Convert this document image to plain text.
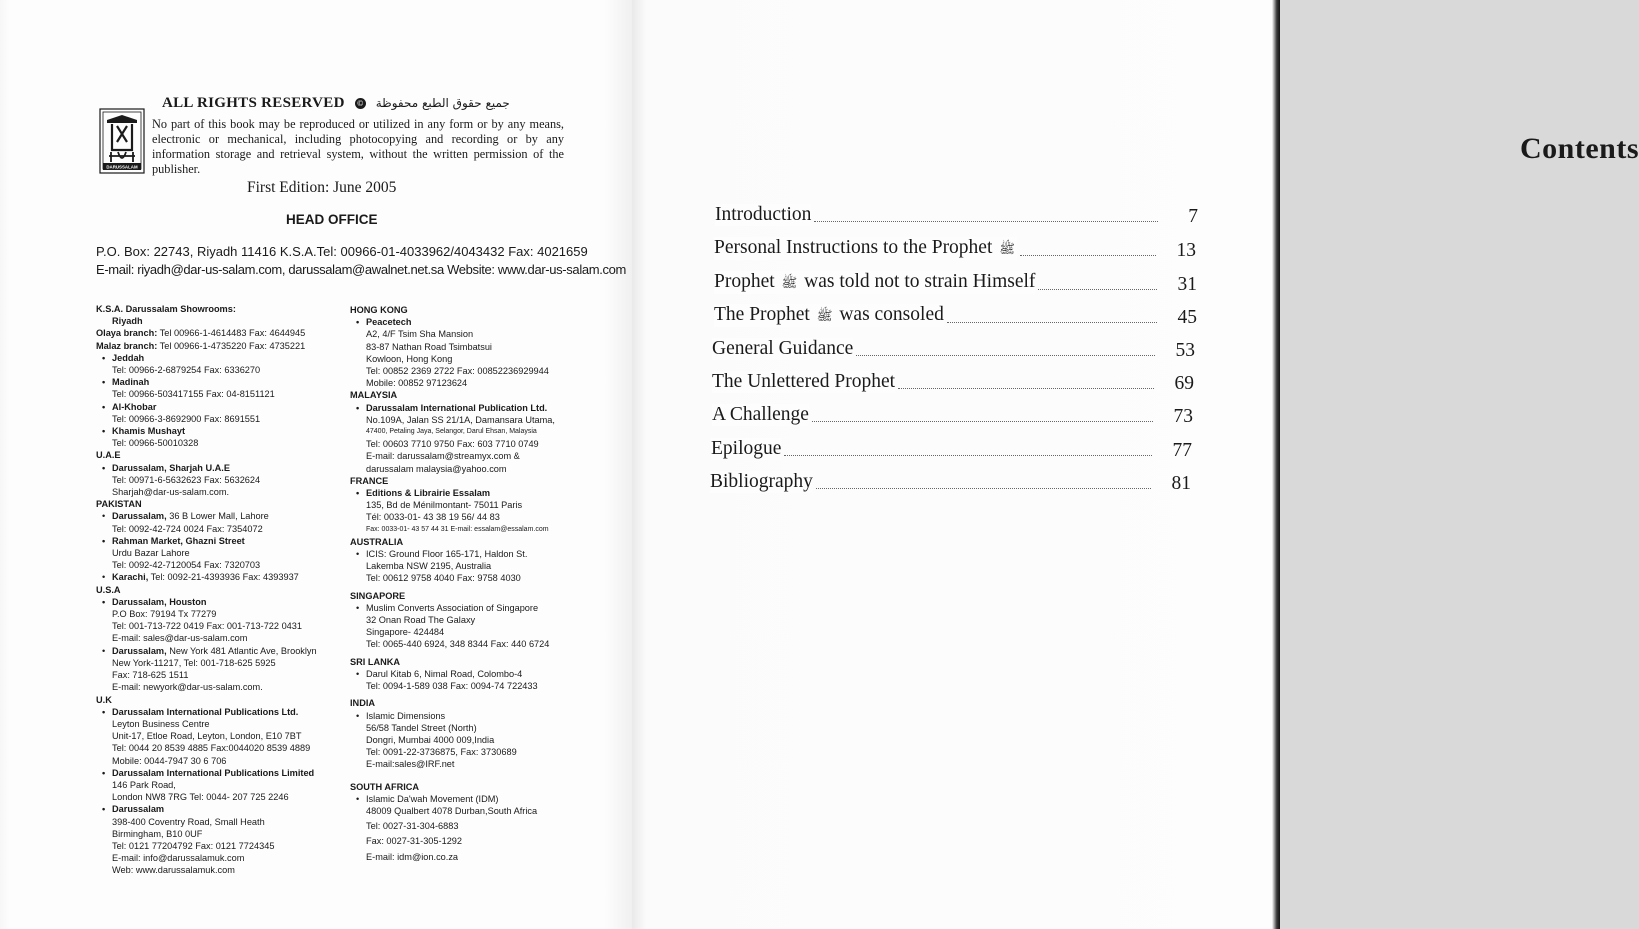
ALL RIGHTS RESERVED © جميع حقوق الطبع محفوظة
DARUSSALAM
No part of this book may be reproduced or utilized in any form or by any means, electronic or mechanical, including photocopying and recording or by any information storage and retrieval system, without the written permission of the publisher.
First Edition: June 2005
HEAD OFFICE
P.O. Box: 22743, Riyadh 11416 K.S.A.Tel: 00966-01-4033962/4043432 Fax: 4021659
E-mail: riyadh@dar-us-salam.com, darussalam@awalnet.net.sa Website: www.dar-us-salam.com
K.S.A. Darussalam Showrooms:
Riyadh
Olaya branch: Tel 00966-1-4614483 Fax: 4644945
Malaz branch: Tel 00966-1-4735220 Fax: 4735221
• Jeddah
Tel: 00966-2-6879254 Fax: 6336270
• Madinah
Tel: 00966-503417155 Fax: 04-8151121
• Al-Khobar
Tel: 00966-3-8692900 Fax: 8691551
• Khamis Mushayt
Tel: 00966-50010328
U.A.E
• Darussalam, Sharjah U.A.E
Tel: 00971-6-5632623 Fax: 5632624
Sharjah@dar-us-salam.com.
PAKISTAN
• Darussalam, 36 B Lower Mall, Lahore
Tel: 0092-42-724 0024 Fax: 7354072
• Rahman Market, Ghazni Street
Urdu Bazar Lahore
Tel: 0092-42-7120054 Fax: 7320703
• Karachi, Tel: 0092-21-4393936 Fax: 4393937
U.S.A
• Darussalam, Houston
P.O Box: 79194 Tx 77279
Tel: 001-713-722 0419 Fax: 001-713-722 0431
E-mail: sales@dar-us-salam.com
• Darussalam, New York 481 Atlantic Ave, Brooklyn
New York-11217, Tel: 001-718-625 5925
Fax: 718-625 1511
E-mail: newyork@dar-us-salam.com.
U.K
• Darussalam International Publications Ltd.
Leyton Business Centre
Unit-17, Etloe Road, Leyton, London, E10 7BT
Tel: 0044 20 8539 4885 Fax:0044020 8539 4889
Mobile: 0044-7947 30 6 706
• Darussalam International Publications Limited
146 Park Road,
London NW8 7RG Tel: 0044- 207 725 2246
• Darussalam
398-400 Coventry Road, Small Heath
Birmingham, B10 0UF
Tel: 0121 77204792 Fax: 0121 7724345
E-mail: info@darussalamuk.com
Web: www.darussalamuk.com
HONG KONG
• Peacetech
A2, 4/F Tsim Sha Mansion
83-87 Nathan Road Tsimbatsui
Kowloon, Hong Kong
Tel: 00852 2369 2722 Fax: 00852236929944
Mobile: 00852 97123624
MALAYSIA
• Darussalam International Publication Ltd.
No.109A, Jalan SS 21/1A, Damansara Utama,
47400, Petaling Jaya, Selangor, Darul Ehsan, Malaysia
Tel: 00603 7710 9750 Fax: 603 7710 0749
E-mail: darussalam@streamyx.com &
darussalam malaysia@yahoo.com
FRANCE
• Editions & Librairie Essalam
135, Bd de Ménilmontant- 75011 Paris
Tél: 0033-01- 43 38 19 56/ 44 83
Fax: 0033-01- 43 57 44 31 E-mail: essalam@essalam.com
AUSTRALIA
• ICIS: Ground Floor 165-171, Haldon St.
Lakemba NSW 2195, Australia
Tel: 00612 9758 4040 Fax: 9758 4030
SINGAPORE
• Muslim Converts Association of Singapore
32 Onan Road The Galaxy
Singapore- 424484
Tel: 0065-440 6924, 348 8344 Fax: 440 6724
SRI LANKA
• Darul Kitab 6, Nimal Road, Colombo-4
Tel: 0094-1-589 038 Fax: 0094-74 722433
INDIA
• Islamic Dimensions
56/58 Tandel Street (North)
Dongri, Mumbai 4000 009,India
Tel: 0091-22-3736875, Fax: 3730689
E-mail:sales@IRF.net
SOUTH AFRICA
• Islamic Da'wah Movement (IDM)
48009 Qualbert 4078 Durban,South Africa
Tel: 0027-31-304-6883
Fax: 0027-31-305-1292
E-mail: idm@ion.co.za
Contents
Introduction	7
Personal Instructions to the Prophet ﷺ	13
Prophet ﷺ was told not to strain Himself	31
The Prophet ﷺ was consoled	45
General Guidance	53
The Unlettered Prophet	69
A Challenge	73
Epilogue	77
Bibliography	81
